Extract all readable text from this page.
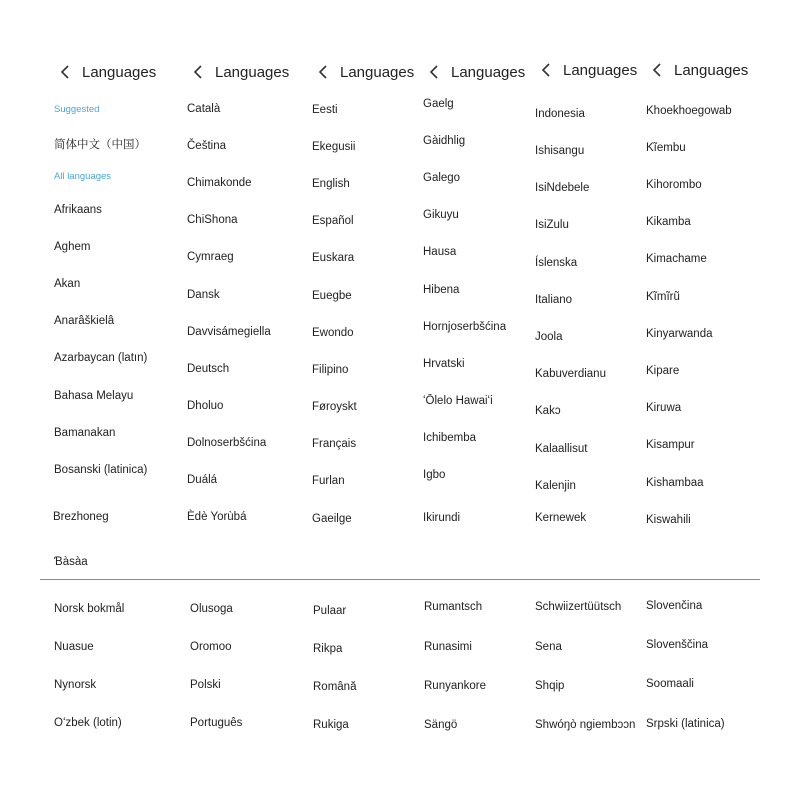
Languages	Languages	Languages Languages	Languages Languages
Suggested
简体中文（中国）
All languages
Afrikaans
Aghem
Akan
Anarâškielâ
Azarbaycan (latın)
Bahasa Melayu
Bamanakan
Bosanski (latinica)
Brezhoneg
Ɓàsàa
Català
Čeština
Chimakonde
ChiShona
Cymraeg
Dansk
Davvisámegiella
Deutsch
Dholuo
Dolnoserbšćina
Duálá
Èdè Yorùbá
Eesti
Ekegusii
English
Español
Euskara
Euegbe
Ewondo
Filipino
Føroyskt
Français
Furlan
Gaeilge
Gaelg
Gàidhlig
Galego
Gikuyu
Hausa
Hibena
Hornjoserbšćina
Hrvatski
ʻŌlelo Hawaiʻi
Ichibemba
Igbo
Ikirundi
Indonesia
Ishisangu
IsiNdebele
IsiZulu
Íslenska
Italiano
Joola
Kabuverdianu
Kakɔ
Kalaallisut
Kalenjin
Kernewek
Khoekhoegowab
Kĩembu
Kihorombo
Kikamba
Kimachame
Kĩmĩrũ
Kinyarwanda
Kipare
Kiruwa
Kisampur
Kishambaa
Kiswahili
Norsk bokmål
Nuasue
Nynorsk
Oʻzbek (lotin)
Olusoga
Oromoo
Polski
Português
Pulaar
Rikpa
Română
Rukiga
Rumantsch
Runasimi
Runyankore
Sängö
Schwiizertüütsch
Sena
Shqip
Shwóŋò ngiembɔɔn
Slovenčina
Slovenščina
Soomaali
Srpski (latinica)
